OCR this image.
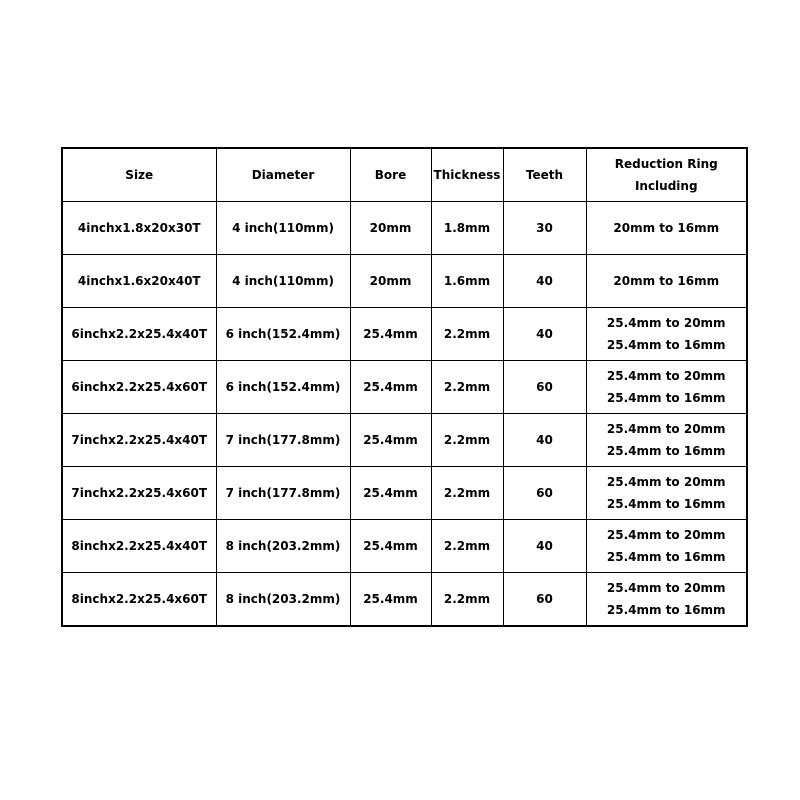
Size	Diameter	Bore	Thickness	Teeth	Reduction Ring
Including

4inchx1.8x20x30T	4 inch(110mm)	20mm	1.8mm	30	20mm to 16mm

4inchx1.6x20x40T	4 inch(110mm)	20mm	1.6mm	40	20mm to 16mm

6inchx2.2x25.4x40T	6 inch(152.4mm)	25.4mm	2.2mm	40	25.4mm to 20mm
25.4mm to 16mm

6inchx2.2x25.4x60T	6 inch(152.4mm)	25.4mm	2.2mm	60	25.4mm to 20mm
25.4mm to 16mm

7inchx2.2x25.4x40T	7 inch(177.8mm)	25.4mm	2.2mm	40	25.4mm to 20mm
25.4mm to 16mm

7inchx2.2x25.4x60T	7 inch(177.8mm)	25.4mm	2.2mm	60	25.4mm to 20mm
25.4mm to 16mm

8inchx2.2x25.4x40T	8 inch(203.2mm)	25.4mm	2.2mm	40	25.4mm to 20mm
25.4mm to 16mm

8inchx2.2x25.4x60T	8 inch(203.2mm)	25.4mm	2.2mm	60	25.4mm to 20mm
25.4mm to 16mm
